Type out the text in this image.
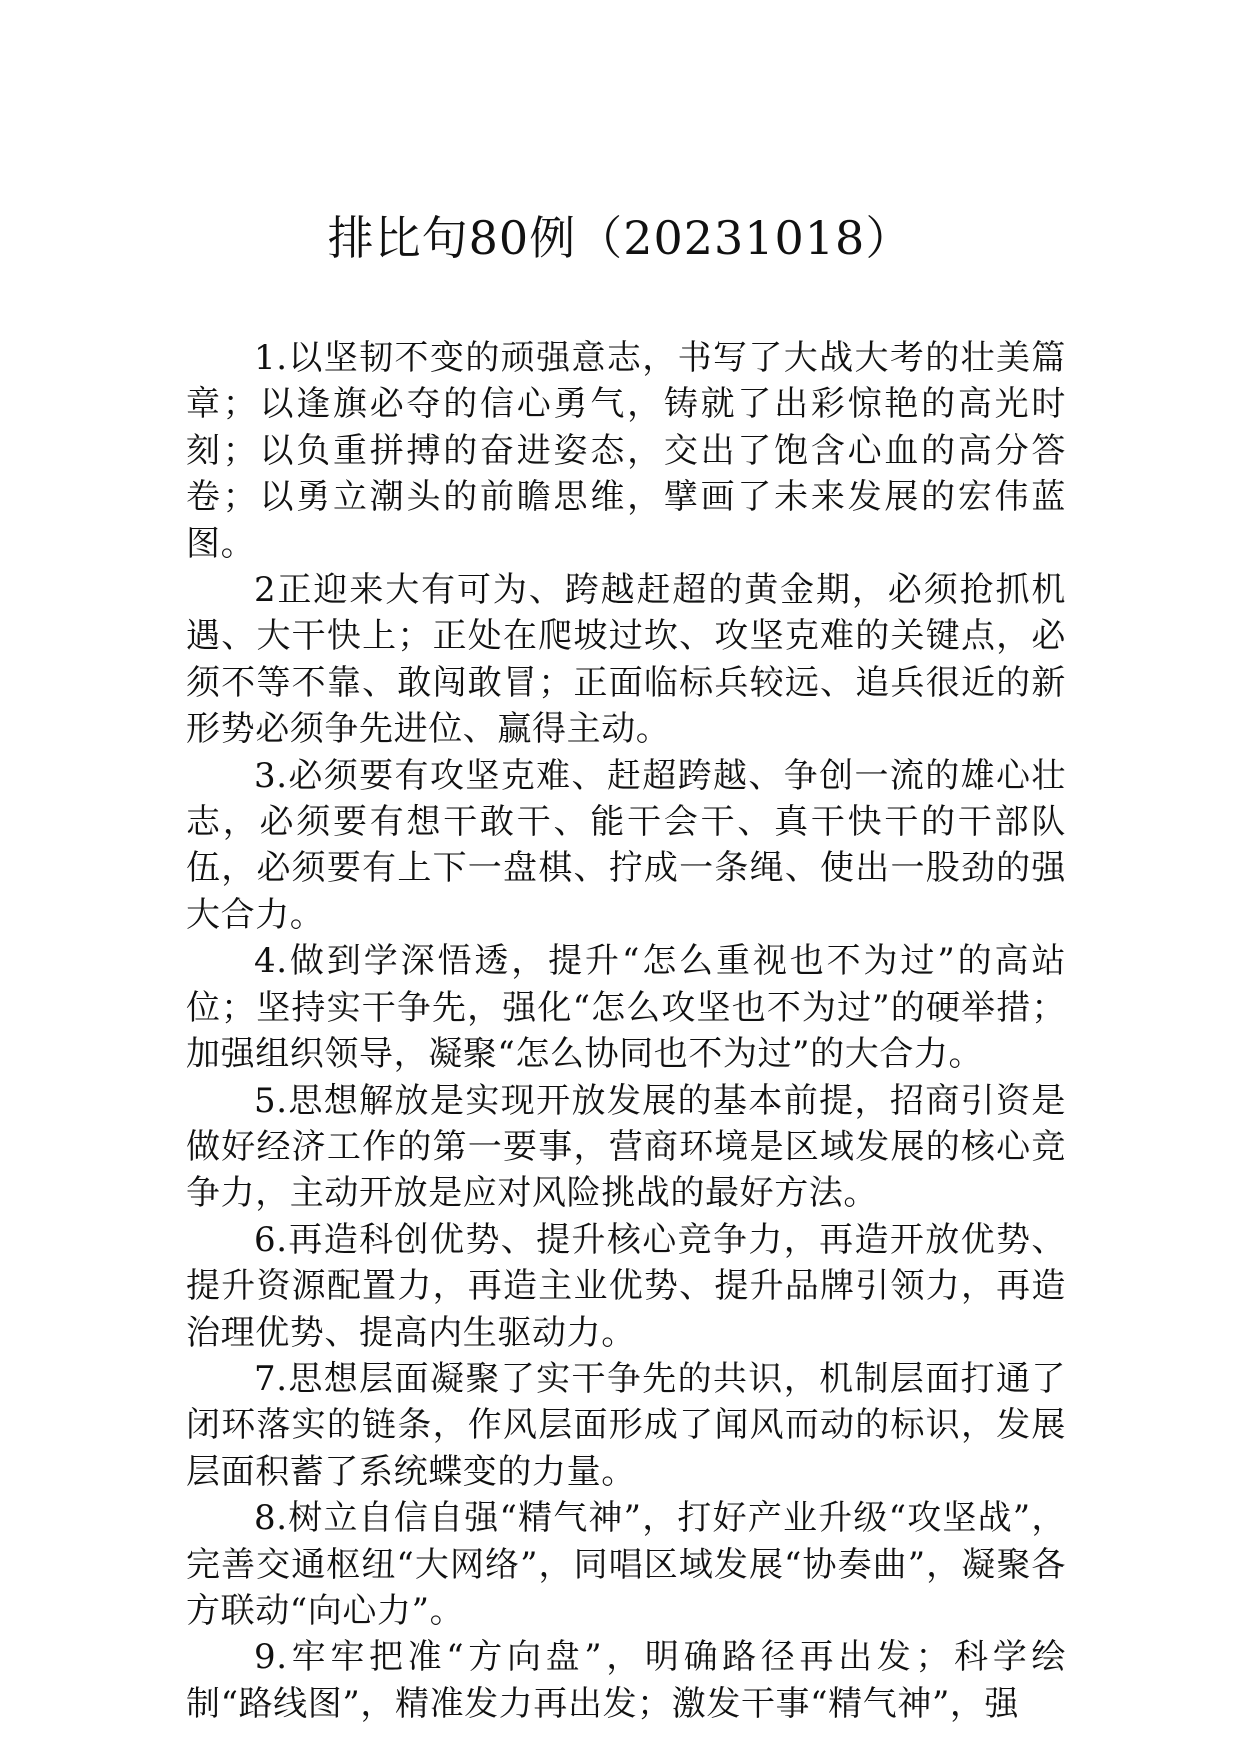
排比句80例（20231018）

1.以坚韧不变的顽强意志，书写了大战大考的壮美篇章；以逢旗必夺的信心勇气，铸就了出彩惊艳的高光时刻；以负重拼搏的奋进姿态，交出了饱含心血的高分答卷；以勇立潮头的前瞻思维，擘画了未来发展的宏伟蓝图。

2正迎来大有可为、跨越赶超的黄金期，必须抢抓机遇、大干快上；正处在爬坡过坎、攻坚克难的关键点，必须不等不靠、敢闯敢冒；正面临标兵较远、追兵很近的新形势必须争先进位、赢得主动。

3.必须要有攻坚克难、赶超跨越、争创一流的雄心壮志，必须要有想干敢干、能干会干、真干快干的干部队伍，必须要有上下一盘棋、拧成一条绳、使出一股劲的强大合力。

4.做到学深悟透，提升“怎么重视也不为过”的高站位；坚持实干争先，强化“怎么攻坚也不为过”的硬举措；加强组织领导，凝聚“怎么协同也不为过”的大合力。

5.思想解放是实现开放发展的基本前提，招商引资是做好经济工作的第一要事，营商环境是区域发展的核心竞争力，主动开放是应对风险挑战的最好方法。

6.再造科创优势、提升核心竞争力，再造开放优势、提升资源配置力，再造主业优势、提升品牌引领力，再造治理优势、提高内生驱动力。

7.思想层面凝聚了实干争先的共识，机制层面打通了闭环落实的链条，作风层面形成了闻风而动的标识，发展层面积蓄了系统蝶变的力量。

8.树立自信自强“精气神”，打好产业升级“攻坚战”，完善交通枢纽“大网络”，同唱区域发展“协奏曲”，凝聚各方联动“向心力”。

9.牢牢把准“方向盘”，明确路径再出发；科学绘制“路线图”，精准发力再出发；激发干事“精气神”，强
